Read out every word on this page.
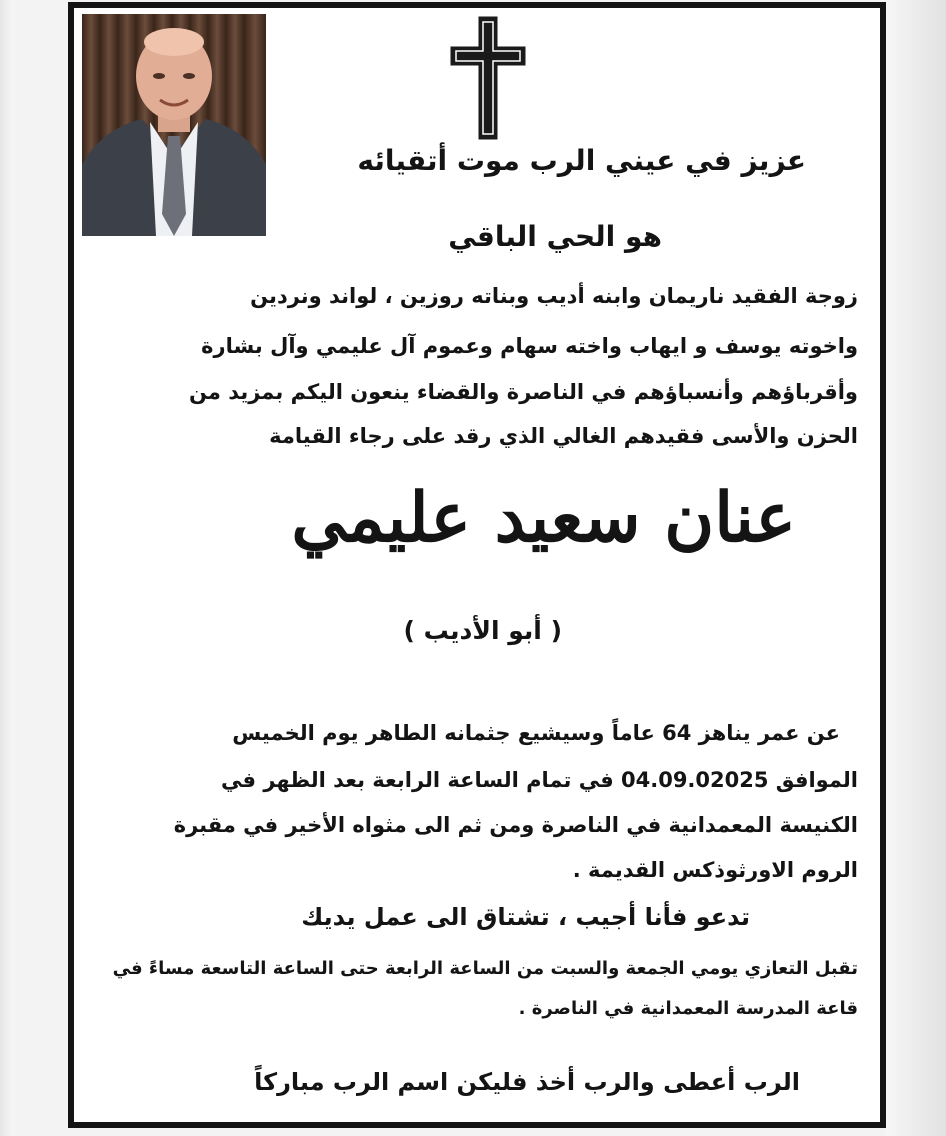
عزيز في عيني الرب موت أتقيائه

هو الحي الباقي

زوجة الفقيد ناريمان وابنه أديب وبناته روزين ، لواند ونردين

واخوته يوسف و ايهاب واخته سهام وعموم آل عليمي وآل بشارة

وأقرباؤهم وأنسباؤهم في الناصرة والقضاء ينعون اليكم بمزيد من

الحزن والأسى فقيدهم الغالي الذي رقد على رجاء القيامة

عنان سعيد عليمي

( أبو الأديب )

عن عمر يناهز 64 عاماً وسيشيع جثمانه الطاهر يوم الخميس

الموافق 04.09.02025 في تمام الساعة الرابعة بعد الظهر في

الكنيسة المعمدانية في الناصرة ومن ثم الى مثواه الأخير في مقبرة

الروم الاورثوذكس القديمة .

تدعو فأنا أجيب ، تشتاق الى عمل يديك

تقبل التعازي يومي الجمعة والسبت من الساعة الرابعة حتى الساعة التاسعة مساءً في

قاعة المدرسة المعمدانية في الناصرة .

الرب أعطى والرب أخذ فليكن اسم الرب مباركاً
